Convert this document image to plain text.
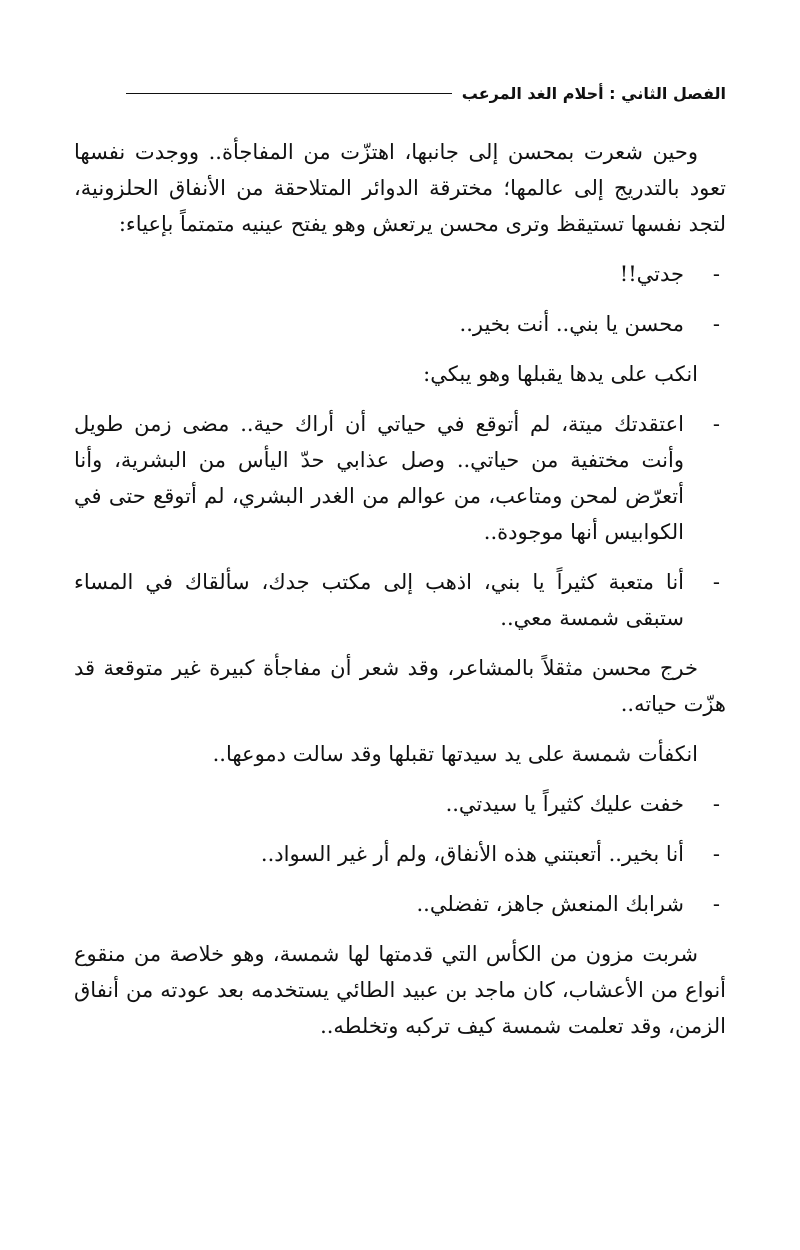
الفصل الثاني : أحلام الغد المرعب

وحين شعرت بمحسن إلى جانبها، اهتزّت من المفاجأة.. ووجدت نفسها تعود بالتدريج إلى عالمها؛ مخترقة الدوائر المتلاحقة من الأنفاق الحلزونية، لتجد نفسها تستيقظ وترى محسن يرتعش وهو يفتح عينيه متمتماً بإعياء:

-
جدتي!!
-
محسن يا بني.. أنت بخير..

انكب على يدها يقبلها وهو يبكي:

-
اعتقدتك ميتة، لم أتوقع في حياتي أن أراك حية.. مضى زمن طويل وأنت مختفية من حياتي.. وصل عذابي حدّ اليأس من البشرية، وأنا أتعرّض لمحن ومتاعب، من عوالم من الغدر البشري، لم أتوقع حتى في الكوابيس أنها موجودة..
-
أنا متعبة كثيراً يا بني، اذهب إلى مكتب جدك، سألقاك في المساء ستبقى شمسة معي..

خرج محسن مثقلاً بالمشاعر، وقد شعر أن مفاجأة كبيرة غير متوقعة قد هزّت حياته..

انكفأت شمسة على يد سيدتها تقبلها وقد سالت دموعها..

-
خفت عليك كثيراً يا سيدتي..
-
أنا بخير.. أتعبتني هذه الأنفاق، ولم أر غير السواد..
-
شرابك المنعش جاهز، تفضلي..

شربت مزون من الكأس التي قدمتها لها شمسة، وهو خلاصة من منقوع أنواع من الأعشاب، كان ماجد بن عبيد الطائي يستخدمه بعد عودته من أنفاق الزمن، وقد تعلمت شمسة كيف تركبه وتخلطه..
